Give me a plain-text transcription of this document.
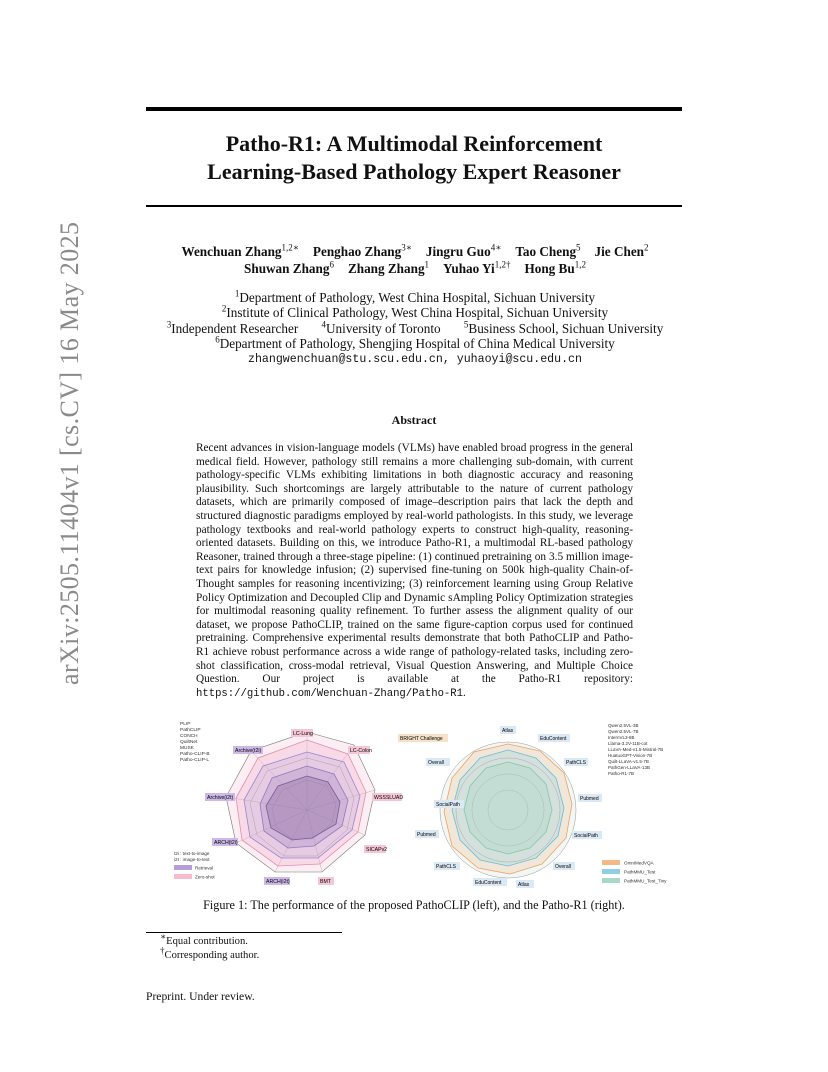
arXiv:2505.11404v1 [cs.CV] 16 May 2025
Patho-R1: A Multimodal Reinforcement
Learning-Based Pathology Expert Reasoner
Wenchuan Zhang$^{1,2∗}$ Penghao Zhang$^{3∗}$ Jingru Guo$^{4∗}$ Tao Cheng$^5$ Jie Chen$^2$
Shuwan Zhang$^6$ Zhang Zhang$^1$ Yuhao $Yi^{1,2\dagger}$ Hong Bu$^{1,2}$
$^1$Department of Pathology, West China Hospital, Sichuan University
$^2$Institute of Clinical Pathology, West China Hospital, Sichuan University
$^3$Independent Researcher	$^4$University of Toronto	$^5$Business School, Sichuan University
$^6$Department of Pathology, Shengjing Hospital of China Medical University
zhangwenchuan@stu.scu.edu.cn, yuhaoyi@scu.edu.cn
Abstract
Recent advances in vision-language models (VLMs) have enabled broad progress in the general medical field. However, pathology still remains a more challenging sub-domain, with current pathology-specific VLMs exhibiting limitations in both diagnostic accuracy and reasoning plausibility. Such shortcomings are largely attributable to the nature of current pathology datasets, which are primarily composed of image–description pairs that lack the depth and structured diagnostic paradigms employed by real-world pathologists. In this study, we leverage pathology textbooks and real-world pathology experts to construct high-quality, reasoning-oriented datasets. Building on this, we introduce Patho-R1, a multimodal RL-based pathology Reasoner, trained through a three-stage pipeline: (1) continued pretraining on 3.5 million image-text pairs for knowledge infusion; (2) supervised fine-tuning on 500k high-quality Chain-of-Thought samples for reasoning incentivizing; (3) reinforcement learning using Group Relative Policy Optimization and Decoupled Clip and Dynamic sAmpling Policy Optimization strategies for multimodal reasoning quality refinement. To further assess the alignment quality of our dataset, we propose PathoCLIP, trained on the same figure-caption corpus used for continued pretraining. Comprehensive experimental results demonstrate that both PathoCLIP and Patho-R1 achieve robust performance across a wide range of pathology-related tasks, including zero-shot classification, cross-modal retrieval, Visual Question Answering, and Multiple Choice Question. Our project is available at the Patho-R1 repository: https://github.com/Wenchuan-Zhang/Patho-R1.
LC-Lung
LC-Colon
WSSSLUAD
SICAPv2
BMT
ARCH(i2t)
ARCH(t2i)
Archive(i2t)
Archive(t2i)
PLIP
PathCLIP
CONCH
QuiltNet
MUSK
Patho-CLIP-B
Patho-CLIP-L
t2i : text-to-image
i2t : image-to-text
Retrieval
Zero-shot
Atlas
EduContent
PathCLS
Pubmed
SocialPath
Overall
Atlas
EduContent
PathCLS
Pubmed
SocialPath
Overall
BRIGHT Challenge
Qwen2.5VL-3B
Qwen2.5VL-7B
InternVL3-8B
Llama-3.2V-11B-cot
LLaVA-Med-v1.5-Mistral-7B
HuatuoGPT-Vision-7B
Quilt-LLaVA-v1.5-7B
PathGen-LLaVA-13B
Patho-R1-7B
OmniMedVQA
PathMMU_Test
PathMMU_Test_Tiny
Figure 1: The performance of the proposed PathoCLIP (left), and the Patho-R1 (right).
∗Equal contribution.
†Corresponding author.
Preprint. Under review.
